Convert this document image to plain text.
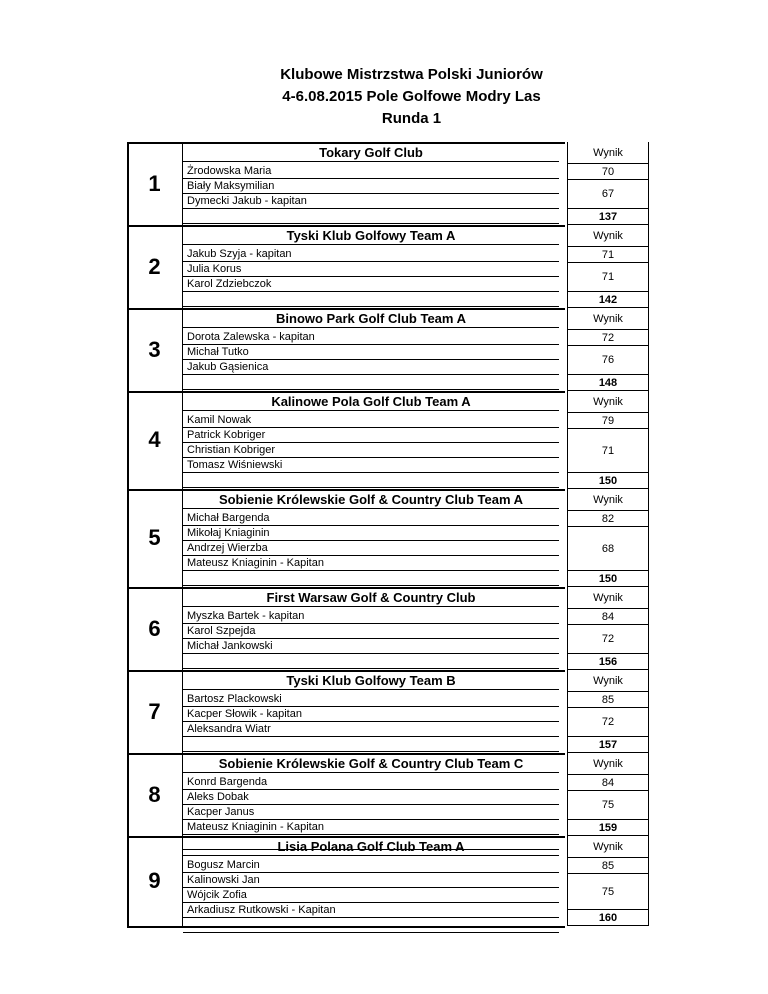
Klubowe Mistrzstwa Polski Juniorów
4-6.08.2015 Pole Golfowe Modry Las
Runda 1
1
Tokary Golf Club
Żrodowska Maria
Biały Maksymilian
Dymecki Jakub - kapitan
Wynik
70
67
137
2
Tyski Klub Golfowy Team A
Jakub Szyja - kapitan
Julia Korus
Karol Zdziebczok
Wynik
71
71
142
3
Binowo Park Golf Club Team A
Dorota Zalewska - kapitan
Michał Tutko
Jakub Gąsienica
Wynik
72
76
148
4
Kalinowe Pola Golf Club Team A
Kamil Nowak
Patrick Kobriger
Christian Kobriger
Tomasz Wiśniewski
Wynik
79
71
150
5
Sobienie Królewskie Golf & Country Club Team A
Michał Bargenda
Mikołaj Kniaginin
Andrzej Wierzba
Mateusz Kniaginin - Kapitan
Wynik
82
68
150
6
First Warsaw Golf & Country Club
Myszka Bartek - kapitan
Karol Szpejda
Michał Jankowski
Wynik
84
72
156
7
Tyski Klub Golfowy Team B
Bartosz Plackowski
Kacper Słowik - kapitan
Aleksandra Wiatr
Wynik
85
72
157
8
Sobienie Królewskie Golf & Country Club Team C
Konrd Bargenda
Aleks Dobak
Kacper Janus
Mateusz Kniaginin - Kapitan
Wynik
84
75
159
9
Lisia Polana Golf Club Team A
Bogusz Marcin
Kalinowski Jan
Wójcik Zofia
Arkadiusz Rutkowski - Kapitan
Wynik
85
75
160
